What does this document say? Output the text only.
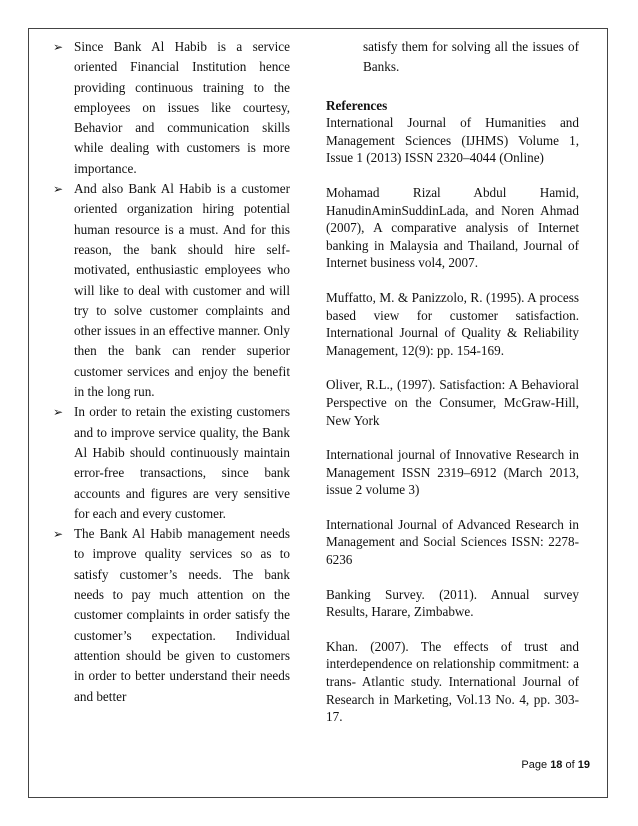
➢ Since Bank Al Habib is a service oriented Financial Institution hence providing continuous training to the employees on issues like courtesy, Behavior and communication skills while dealing with customers is more importance.
➢ And also Bank Al Habib is a customer oriented organization hiring potential human resource is a must. And for this reason, the bank should hire self-motivated, enthusiastic employees who will like to deal with customer and will try to solve customer complaints and other issues in an effective manner. Only then the bank can render superior customer services and enjoy the benefit in the long run.
➢ In order to retain the existing customers and to improve service quality, the Bank Al Habib should continuously maintain error-free transactions, since bank accounts and figures are very sensitive for each and every customer.
➢ The Bank Al Habib management needs to improve quality services so as to satisfy customer’s needs. The bank needs to pay much attention on the customer complaints in order satisfy the customer’s expectation. Individual attention should be given to customers in order to better understand their needs and better
satisfy them for solving all the issues of Banks.

References

International Journal of Humanities and Management Sciences (IJHMS) Volume 1, Issue 1 (2013) ISSN 2320–4044 (Online)

Mohamad Rizal Abdul Hamid, HanudinAminSuddinLada, and Noren Ahmad (2007), A comparative analysis of Internet banking in Malaysia and Thailand, Journal of Internet business vol4, 2007.

Muffatto, M. & Panizzolo, R. (1995). A process based view for customer satisfaction. International Journal of Quality & Reliability Management, 12(9): pp. 154-169.

Oliver, R.L., (1997). Satisfaction: A Behavioral Perspective on the Consumer, McGraw-Hill, New York

International journal of Innovative Research in Management ISSN 2319–6912 (March 2013, issue 2 volume 3)

International Journal of Advanced Research in Management and Social Sciences ISSN: 2278-6236

Banking Survey. (2011). Annual survey Results, Harare, Zimbabwe.

Khan. (2007). The effects of trust and interdependence on relationship commitment: a trans- Atlantic study. International Journal of Research in Marketing, Vol.13 No. 4, pp. 303-17.

Page 18 of 19
